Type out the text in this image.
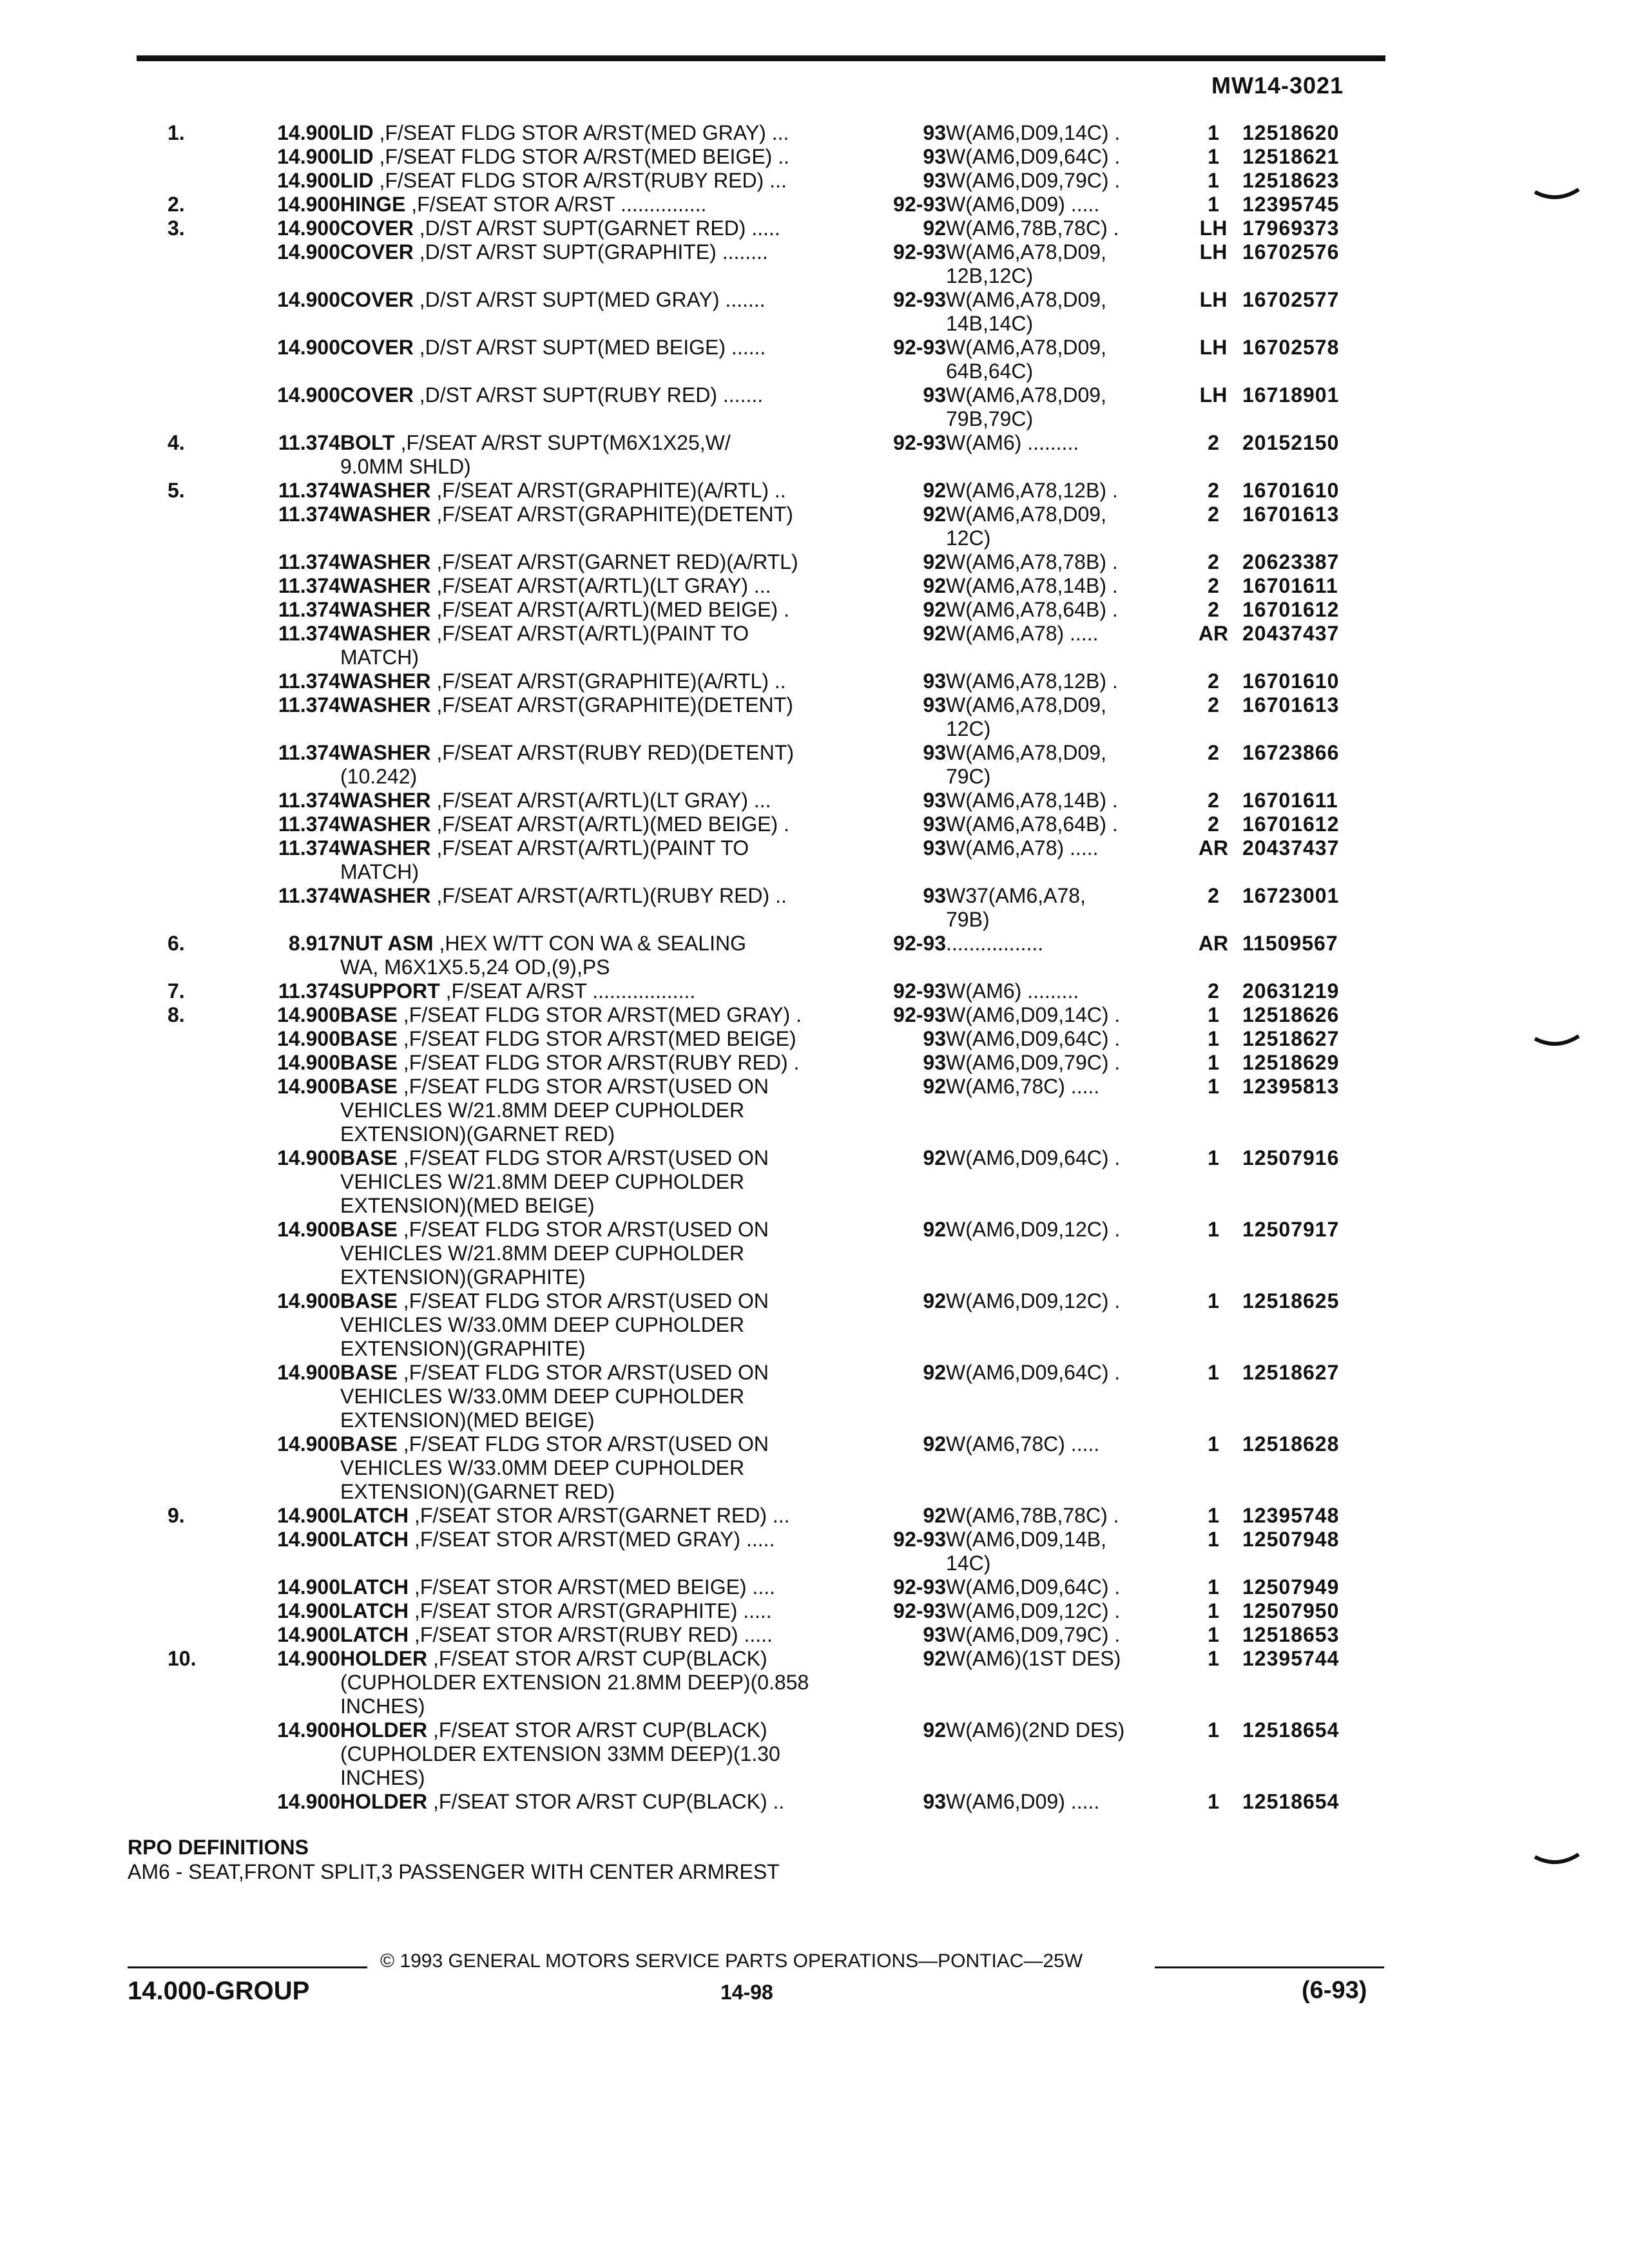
MW14-3021
1.	14.900	LID ,F/SEAT FLDG STOR A/RST(MED GRAY) ...	93	W(AM6,D09,14C) .	1	12518620
	14.900	LID ,F/SEAT FLDG STOR A/RST(MED BEIGE) ..	93	W(AM6,D09,64C) .	1	12518621
	14.900	LID ,F/SEAT FLDG STOR A/RST(RUBY RED) ...	93	W(AM6,D09,79C) .	1	12518623
2.	14.900	HINGE ,F/SEAT STOR A/RST ...............	92-93	W(AM6,D09) .....	1	12395745
3.	14.900	COVER ,D/ST A/RST SUPT(GARNET RED) .....	92	W(AM6,78B,78C) .	LH	17969373
	14.900	COVER ,D/ST A/RST SUPT(GRAPHITE) ........	92-93	W(AM6,A78,D09,
12B,12C)	LH	16702576
	14.900	COVER ,D/ST A/RST SUPT(MED GRAY) .......	92-93	W(AM6,A78,D09,
14B,14C)	LH	16702577
	14.900	COVER ,D/ST A/RST SUPT(MED BEIGE) ......	92-93	W(AM6,A78,D09,
64B,64C)	LH	16702578
	14.900	COVER ,D/ST A/RST SUPT(RUBY RED) .......	93	W(AM6,A78,D09,
79B,79C)	LH	16718901
4.	11.374	BOLT ,F/SEAT A/RST SUPT(M6X1X25,W/
9.0MM SHLD)	92-93	W(AM6) .........	2	20152150
5.	11.374	WASHER ,F/SEAT A/RST(GRAPHITE)(A/RTL) ..	92	W(AM6,A78,12B) .	2	16701610
	11.374	WASHER ,F/SEAT A/RST(GRAPHITE)(DETENT)	92	W(AM6,A78,D09,
12C)	2	16701613
	11.374	WASHER ,F/SEAT A/RST(GARNET RED)(A/RTL)	92	W(AM6,A78,78B) .	2	20623387
	11.374	WASHER ,F/SEAT A/RST(A/RTL)(LT GRAY) ...	92	W(AM6,A78,14B) .	2	16701611
	11.374	WASHER ,F/SEAT A/RST(A/RTL)(MED BEIGE) .	92	W(AM6,A78,64B) .	2	16701612
	11.374	WASHER ,F/SEAT A/RST(A/RTL)(PAINT TO
MATCH)	92	W(AM6,A78) .....	AR	20437437
	11.374	WASHER ,F/SEAT A/RST(GRAPHITE)(A/RTL) ..	93	W(AM6,A78,12B) .	2	16701610
	11.374	WASHER ,F/SEAT A/RST(GRAPHITE)(DETENT)	93	W(AM6,A78,D09,
12C)	2	16701613
	11.374	WASHER ,F/SEAT A/RST(RUBY RED)(DETENT)
(10.242)	93	W(AM6,A78,D09,
79C)	2	16723866
	11.374	WASHER ,F/SEAT A/RST(A/RTL)(LT GRAY) ...	93	W(AM6,A78,14B) .	2	16701611
	11.374	WASHER ,F/SEAT A/RST(A/RTL)(MED BEIGE) .	93	W(AM6,A78,64B) .	2	16701612
	11.374	WASHER ,F/SEAT A/RST(A/RTL)(PAINT TO
MATCH)	93	W(AM6,A78) .....	AR	20437437
	11.374	WASHER ,F/SEAT A/RST(A/RTL)(RUBY RED) ..	93	W37(AM6,A78,
79B)	2	16723001
6.	8.917	NUT ASM ,HEX W/TT CON WA & SEALING
WA, M6X1X5.5,24 OD,(9),PS	92-93	.................	AR	11509567
7.	11.374	SUPPORT ,F/SEAT A/RST ..................	92-93	W(AM6) .........	2	20631219
8.	14.900	BASE ,F/SEAT FLDG STOR A/RST(MED GRAY) .	92-93	W(AM6,D09,14C) .	1	12518626
	14.900	BASE ,F/SEAT FLDG STOR A/RST(MED BEIGE)	93	W(AM6,D09,64C) .	1	12518627
	14.900	BASE ,F/SEAT FLDG STOR A/RST(RUBY RED) .	93	W(AM6,D09,79C) .	1	12518629
	14.900	BASE ,F/SEAT FLDG STOR A/RST(USED ON
VEHICLES W/21.8MM DEEP CUPHOLDER
EXTENSION)(GARNET RED)	92	W(AM6,78C) .....	1	12395813
	14.900	BASE ,F/SEAT FLDG STOR A/RST(USED ON
VEHICLES W/21.8MM DEEP CUPHOLDER
EXTENSION)(MED BEIGE)	92	W(AM6,D09,64C) .	1	12507916
	14.900	BASE ,F/SEAT FLDG STOR A/RST(USED ON
VEHICLES W/21.8MM DEEP CUPHOLDER
EXTENSION)(GRAPHITE)	92	W(AM6,D09,12C) .	1	12507917
	14.900	BASE ,F/SEAT FLDG STOR A/RST(USED ON
VEHICLES W/33.0MM DEEP CUPHOLDER
EXTENSION)(GRAPHITE)	92	W(AM6,D09,12C) .	1	12518625
	14.900	BASE ,F/SEAT FLDG STOR A/RST(USED ON
VEHICLES W/33.0MM DEEP CUPHOLDER
EXTENSION)(MED BEIGE)	92	W(AM6,D09,64C) .	1	12518627
	14.900	BASE ,F/SEAT FLDG STOR A/RST(USED ON
VEHICLES W/33.0MM DEEP CUPHOLDER
EXTENSION)(GARNET RED)	92	W(AM6,78C) .....	1	12518628
9.	14.900	LATCH ,F/SEAT STOR A/RST(GARNET RED) ...	92	W(AM6,78B,78C) .	1	12395748
	14.900	LATCH ,F/SEAT STOR A/RST(MED GRAY) .....	92-93	W(AM6,D09,14B,
14C)	1	12507948
	14.900	LATCH ,F/SEAT STOR A/RST(MED BEIGE) ....	92-93	W(AM6,D09,64C) .	1	12507949
	14.900	LATCH ,F/SEAT STOR A/RST(GRAPHITE) .....	92-93	W(AM6,D09,12C) .	1	12507950
	14.900	LATCH ,F/SEAT STOR A/RST(RUBY RED) .....	93	W(AM6,D09,79C) .	1	12518653
10.	14.900	HOLDER ,F/SEAT STOR A/RST CUP(BLACK)
(CUPHOLDER EXTENSION 21.8MM DEEP)(0.858
INCHES)	92	W(AM6)(1ST DES)	1	12395744
	14.900	HOLDER ,F/SEAT STOR A/RST CUP(BLACK)
(CUPHOLDER EXTENSION 33MM DEEP)(1.30
INCHES)	92	W(AM6)(2ND DES)	1	12518654
	14.900	HOLDER ,F/SEAT STOR A/RST CUP(BLACK) ..	93	W(AM6,D09) .....	1	12518654
RPO DEFINITIONS
AM6 - SEAT,FRONT SPLIT,3 PASSENGER WITH CENTER ARMREST
© 1993 GENERAL MOTORS SERVICE PARTS OPERATIONS—PONTIAC—25W
14.000-GROUP	14-98	(6-93)
